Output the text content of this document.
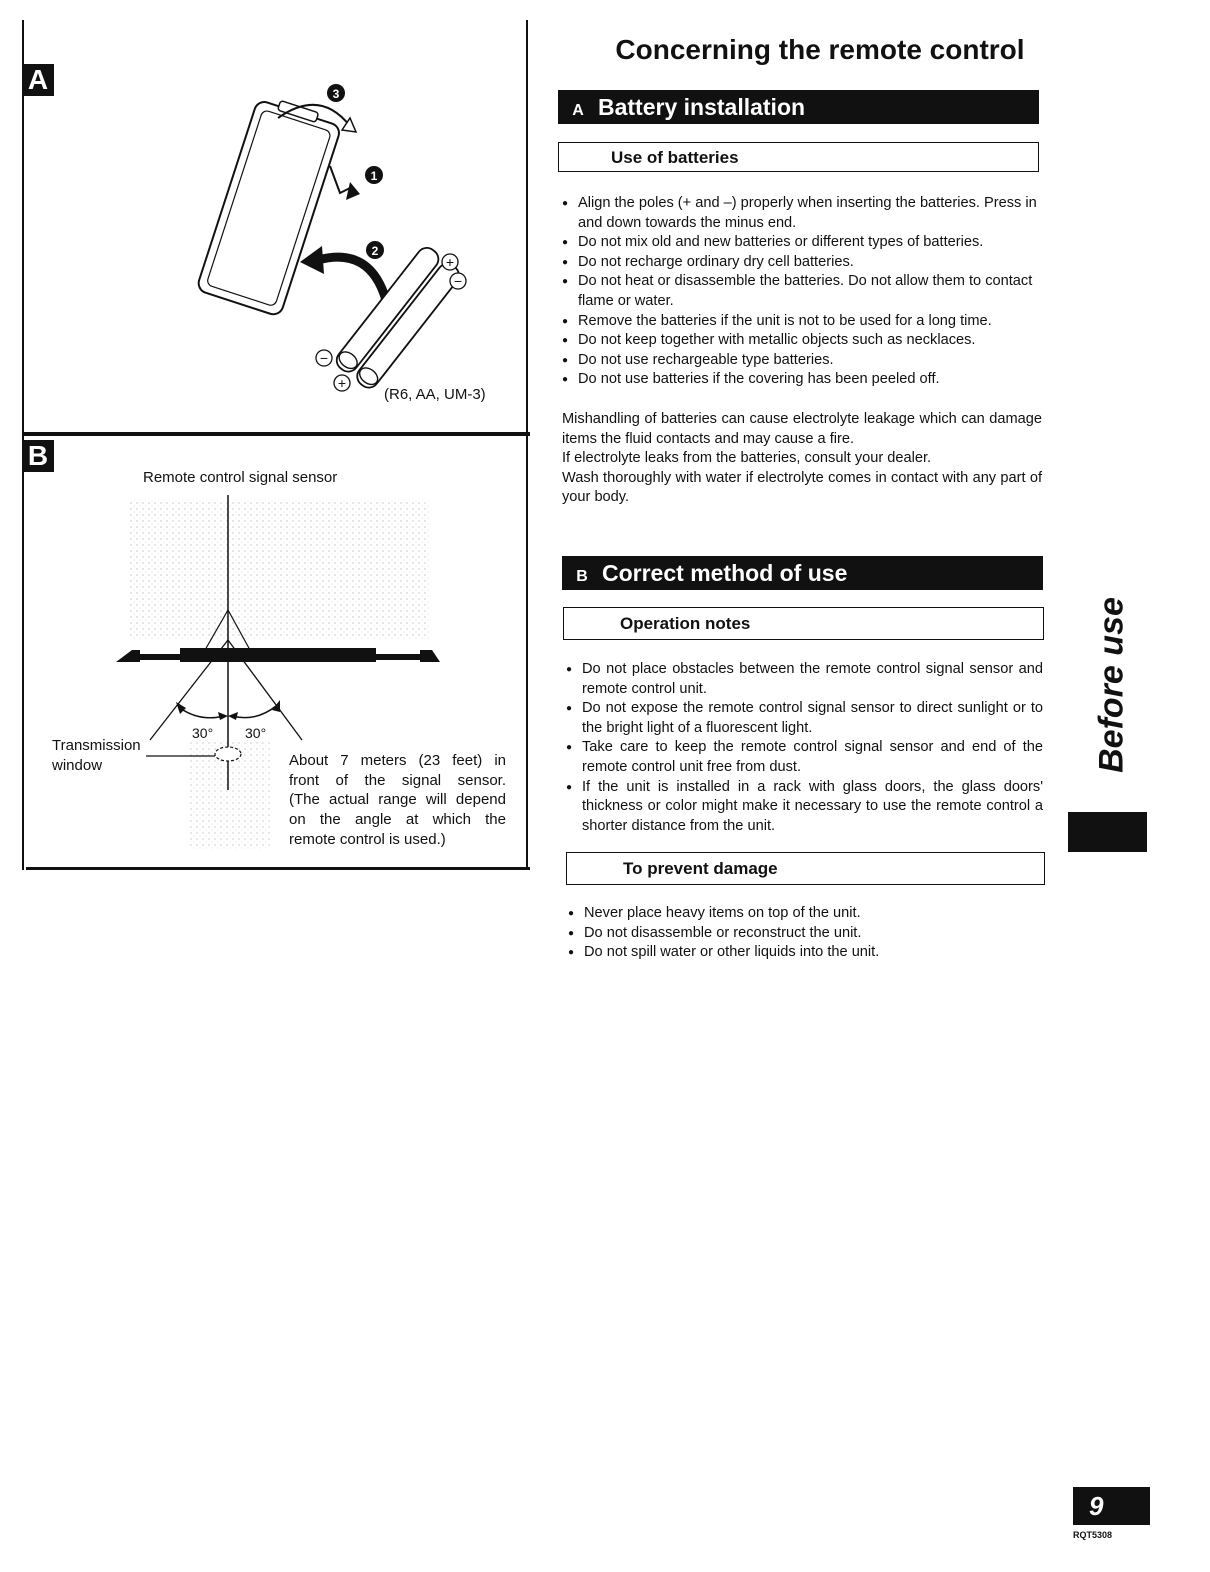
A	3
1
2
+
−
−
+
(R6, AA, UM-3)
B
Remote control signal sensor
30° 30°
Transmission
window	About 7 meters (23 feet) in
front of the signal sensor.
(The actual range will depend
on the angle at which the
remote control is used.)
Concerning the remote control
A Battery installation
Use of batteries
● Align the poles (+ and –) properly when inserting the batteries. Press in and down towards the minus end.
● Do not mix old and new batteries or different types of batteries.
● Do not recharge ordinary dry cell batteries.
● Do not heat or disassemble the batteries. Do not allow them to contact flame or water.
● Remove the batteries if the unit is not to be used for a long time.
● Do not keep together with metallic objects such as necklaces.
● Do not use rechargeable type batteries.
● Do not use batteries if the covering has been peeled off.

Mishandling of batteries can cause electrolyte leakage which can damage items the fluid contacts and may cause a fire.

If electrolyte leaks from the batteries, consult your dealer.

Wash thoroughly with water if electrolyte comes in contact with any part of your body.

B Correct method of use
Operation notes
● Do not place obstacles between the remote control signal sensor and remote control unit.
● Do not expose the remote control signal sensor to direct sunlight or to the bright light of a fluorescent light.
● Take care to keep the remote control signal sensor and end of the remote control unit free from dust.
● If the unit is installed in a rack with glass doors, the glass doors' thickness or color might make it necessary to use the remote control a shorter distance from the unit.
To prevent damage
● Never place heavy items on top of the unit.
● Do not disassemble or reconstruct the unit.
● Do not spill water or other liquids into the unit.
Before use
9
RQT5308
